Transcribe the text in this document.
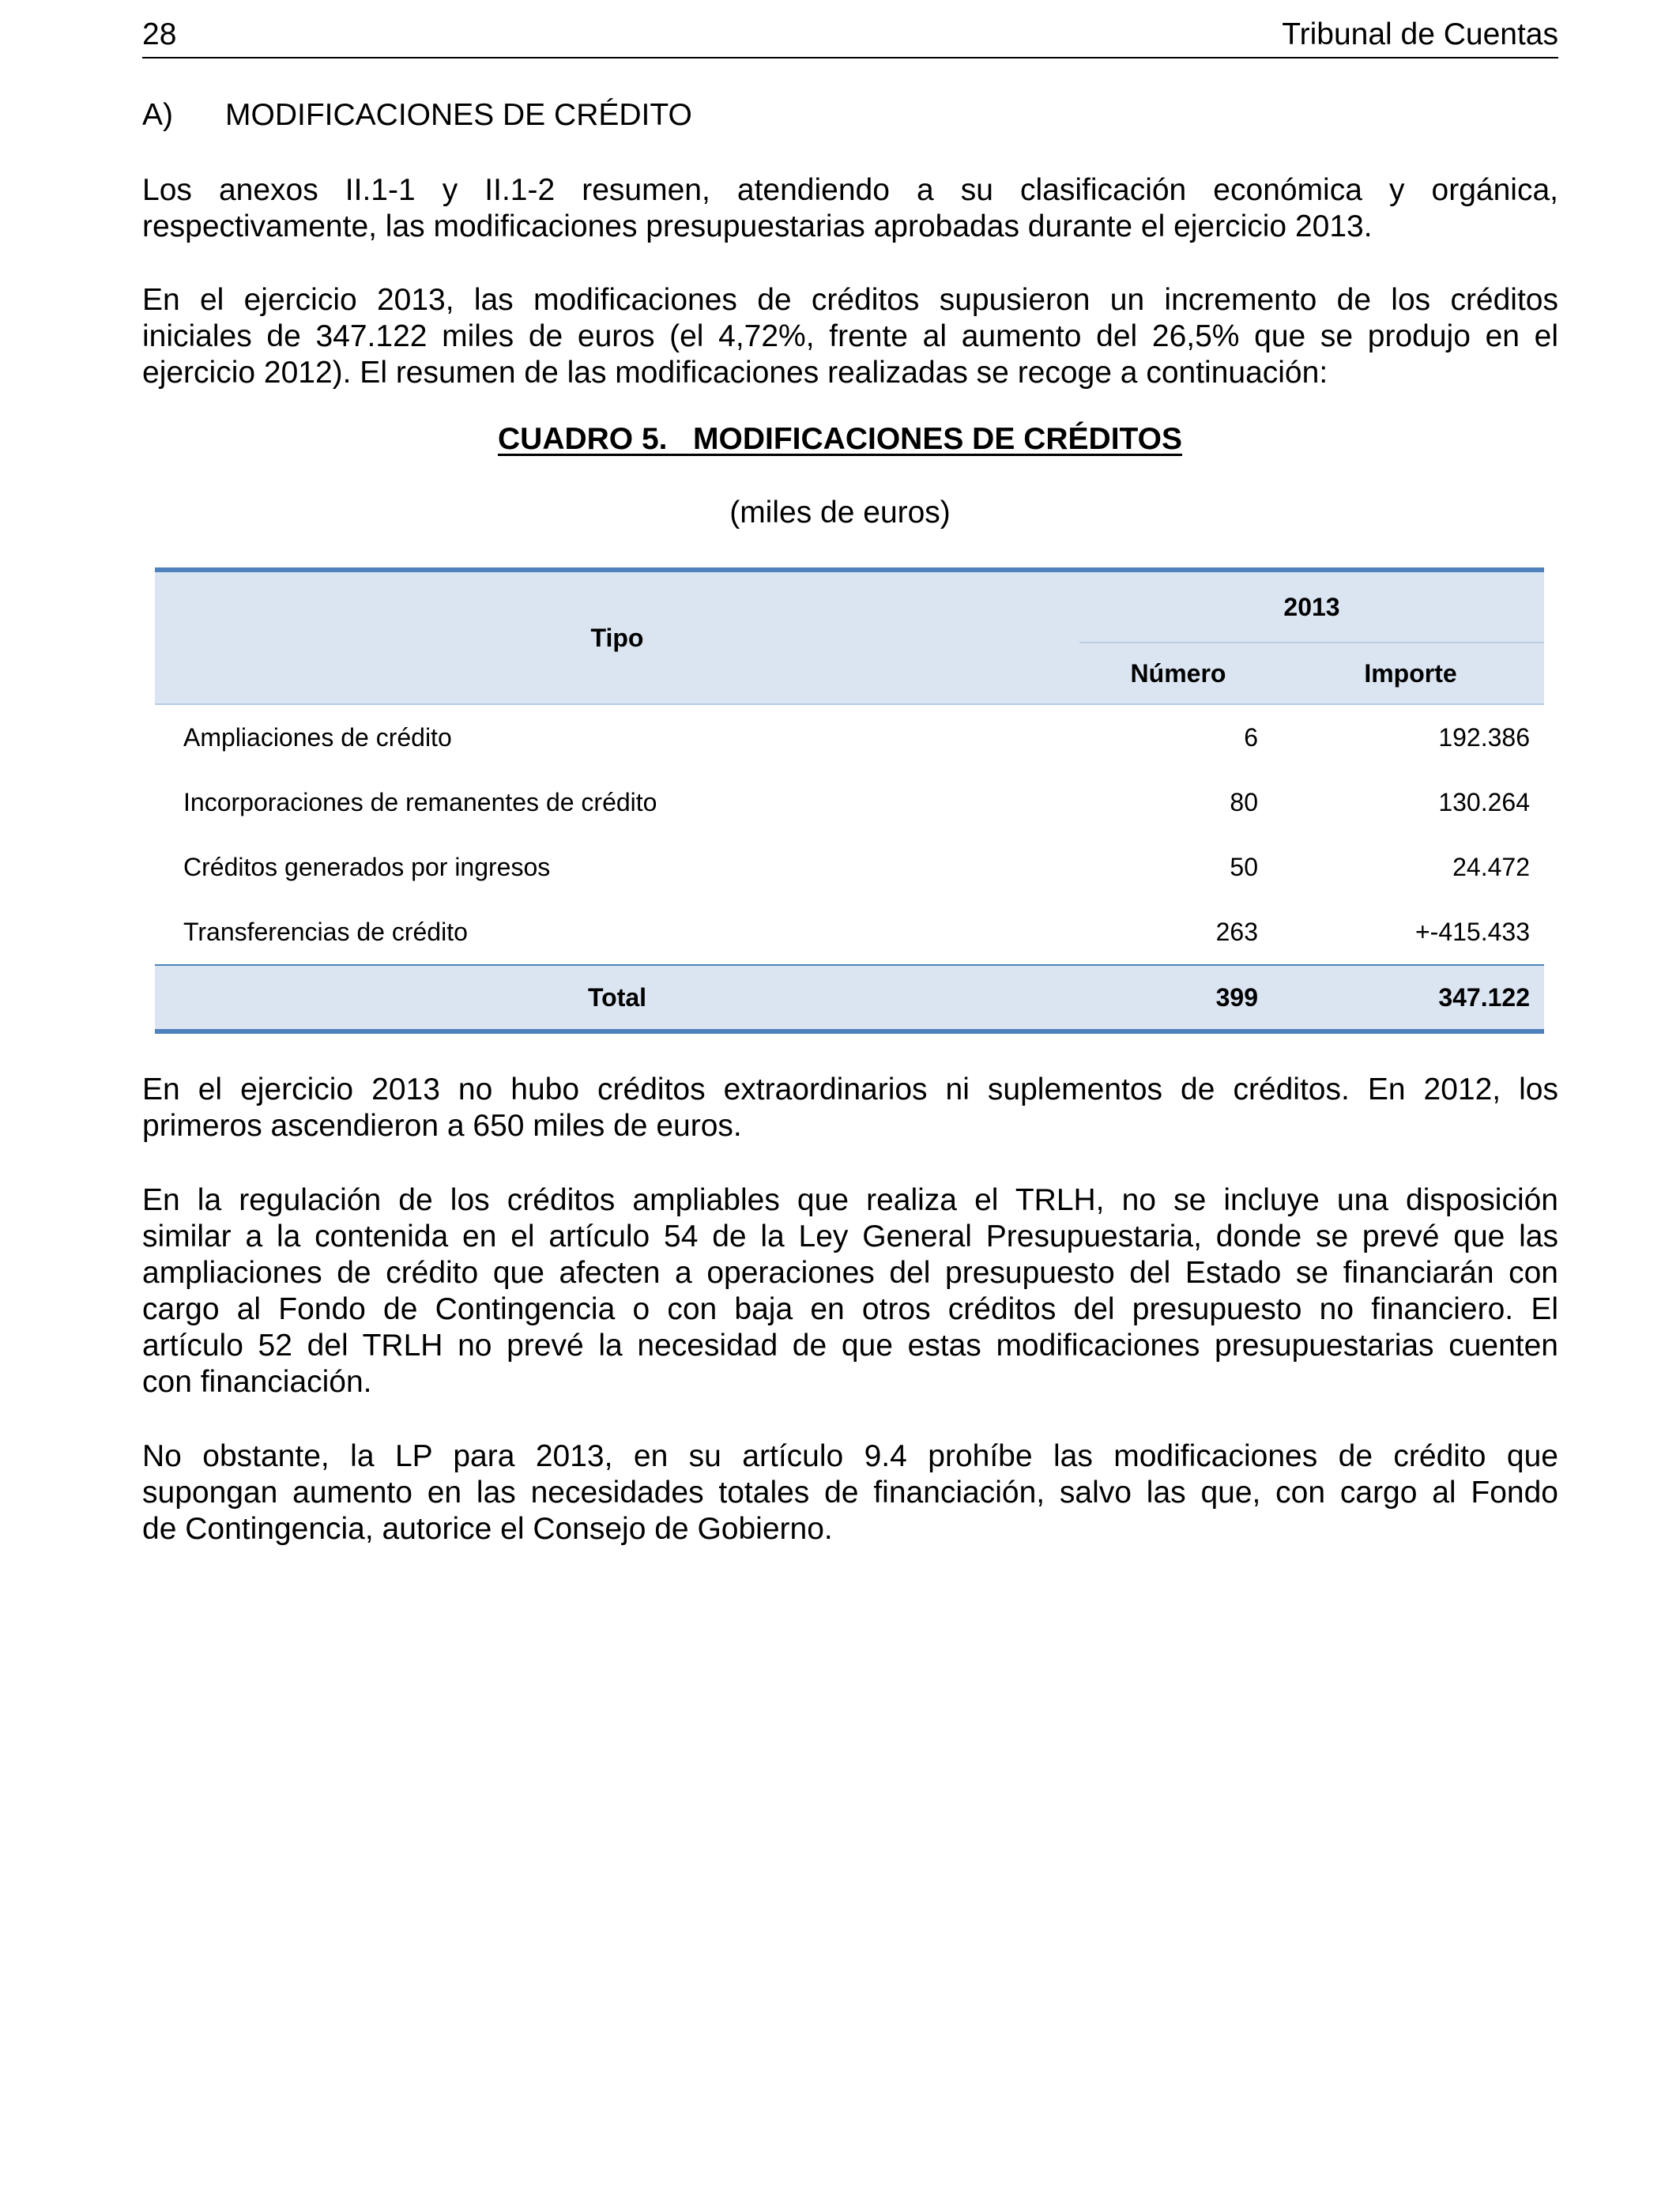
28	Tribunal de Cuentas
A) MODIFICACIONES DE CRÉDITO

Los anexos II.1-1 y II.1-2 resumen, atendiendo a su clasificación económica y orgánica,
respectivamente, las modificaciones presupuestarias aprobadas durante el ejercicio 2013.

En el ejercicio 2013, las modificaciones de créditos supusieron un incremento de los créditos
iniciales de 347.122 miles de euros (el 4,72%, frente al aumento del 26,5% que se produjo en el
ejercicio 2012). El resumen de las modificaciones realizadas se recoge a continuación:

CUADRO 5.   MODIFICACIONES DE CRÉDITOS
(miles de euros)
Tipo
2013
Número	Importe
Ampliaciones de crédito	6	192.386
Incorporaciones de remanentes de crédito	80	130.264
Créditos generados por ingresos	50	24.472
Transferencias de crédito	263	+-415.433
Total	399	347.122

En el ejercicio 2013 no hubo créditos extraordinarios ni suplementos de créditos. En 2012, los
primeros ascendieron a 650 miles de euros.

En la regulación de los créditos ampliables que realiza el TRLH, no se incluye una disposición
similar a la contenida en el artículo 54 de la Ley General Presupuestaria, donde se prevé que las
ampliaciones de crédito que afecten a operaciones del presupuesto del Estado se financiarán con
cargo al Fondo de Contingencia o con baja en otros créditos del presupuesto no financiero. El
artículo 52 del TRLH no prevé la necesidad de que estas modificaciones presupuestarias cuenten
con financiación.

No obstante, la LP para 2013, en su artículo 9.4 prohíbe las modificaciones de crédito que
supongan aumento en las necesidades totales de financiación, salvo las que, con cargo al Fondo
de Contingencia, autorice el Consejo de Gobierno.
